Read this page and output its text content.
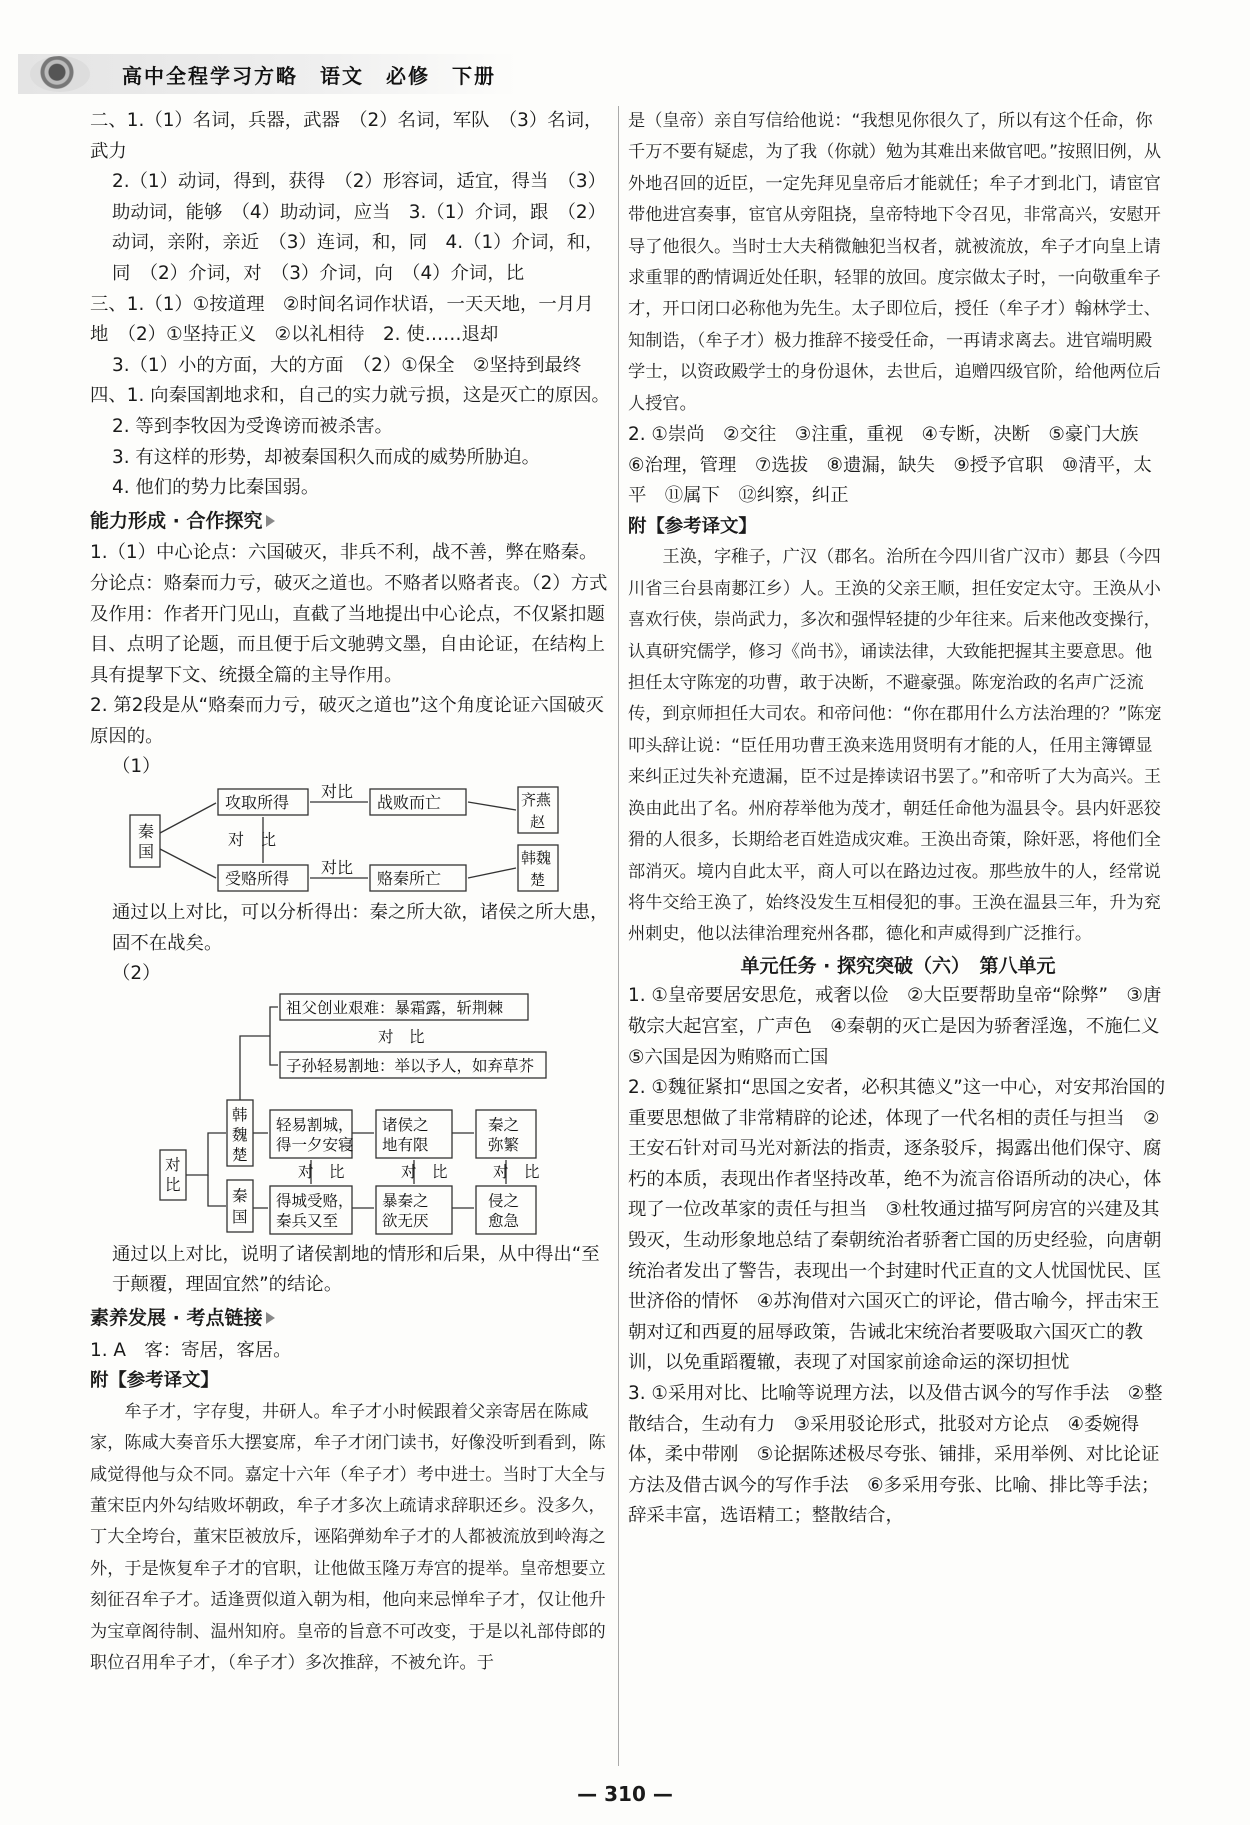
高中全程学习方略　语文　必修　下册

二、1.（1）名词，兵器，武器　（2）名词，军队　（3）名词，武力

2.（1）动词，得到，获得　（2）形容词，适宜，得当　（3）助动词，能够　（4）助动词，应当　3.（1）介词，跟　（2）动词，亲附，亲近　（3）连词，和，同　4.（1）介词，和，同　（2）介词，对　（3）介词，向　（4）介词，比

三、1.（1）①按道理　②时间名词作状语，一天天地，一月月地　（2）①坚持正义　②以礼相待　2. 使……退却

3.（1）小的方面，大的方面　（2）①保全　②坚持到最终

四、1. 向秦国割地求和，自己的实力就亏损，这是灭亡的原因。

2. 等到李牧因为受谗谤而被杀害。

3. 有这样的形势，却被秦国积久而成的威势所胁迫。

4. 他们的势力比秦国弱。

能力形成 · 合作探究

1.（1）中心论点：六国破灭，非兵不利，战不善，弊在赂秦。分论点：赂秦而力亏，破灭之道也。不赂者以赂者丧。（2）方式及作用：作者开门见山，直截了当地提出中心论点，不仅紧扣题目、点明了论题，而且便于后文驰骋文墨，自由论证，在结构上具有提挈下文、统摄全篇的主导作用。

2. 第2段是从“赂秦而力亏，破灭之道也”这个角度论证六国破灭原因的。

（1）

秦
国
攻取所得
受赂所得
战败而亡
赂秦所亡
对比
对比
对　比
齐燕
赵
韩魏
楚

通过以上对比，可以分析得出：秦之所大欲，诸侯之所大患，固不在战矣。

（2）

祖父创业艰难：暴霜露，斩荆棘
子孙轻易割地：举以予人，如弃草芥
对　比
韩
魏
楚
秦
国
对
比
轻易割城，
得一夕安寝
诸侯之
地有限
秦之
弥繁
得城受赂，
秦兵又至
暴秦之
欲无厌
侵之
愈急
对　比	对　比	对　比

通过以上对比，说明了诸侯割地的情形和后果，从中得出“至于颠覆，理固宜然”的结论。

素养发展 · 考点链接

1. A　客：寄居，客居。

附【参考译文】

牟子才，字存叟，井研人。牟子才小时候跟着父亲寄居在陈咸家，陈咸大奏音乐大摆宴席，牟子才闭门读书，好像没听到看到，陈咸觉得他与众不同。嘉定十六年（牟子才）考中进士。当时丁大全与董宋臣内外勾结败坏朝政，牟子才多次上疏请求辞职还乡。没多久，丁大全垮台，董宋臣被放斥，诬陷弹劾牟子才的人都被流放到岭海之外，于是恢复牟子才的官职，让他做玉隆万寿宫的提举。皇帝想要立刻征召牟子才。适逢贾似道入朝为相，他向来忌惮牟子才，仅让他升为宝章阁待制、温州知府。皇帝的旨意不可改变，于是以礼部侍郎的职位召用牟子才，（牟子才）多次推辞，不被允许。于

是（皇帝）亲自写信给他说：“我想见你很久了，所以有这个任命，你千万不要有疑虑，为了我（你就）勉为其难出来做官吧。”按照旧例，从外地召回的近臣，一定先拜见皇帝后才能就任；牟子才到北门，请宦官带他进宫奏事，宦官从旁阻挠，皇帝特地下令召见，非常高兴，安慰开导了他很久。当时士大夫稍微触犯当权者，就被流放，牟子才向皇上请求重罪的酌情调近处任职，轻罪的放回。度宗做太子时，一向敬重牟子才，开口闭口必称他为先生。太子即位后，授任（牟子才）翰林学士、知制诰，（牟子才）极力推辞不接受任命，一再请求离去。进官端明殿学士，以资政殿学士的身份退休，去世后，追赠四级官阶，给他两位后人授官。

2. ①崇尚　②交往　③注重，重视　④专断，决断　⑤豪门大族　⑥治理，管理　⑦选拔　⑧遗漏，缺失　⑨授予官职　⑩清平，太平　⑪属下　⑫纠察，纠正

附【参考译文】

王涣，字稚子，广汉（郡名。治所在今四川省广汉市）郪县（今四川省三台县南郪江乡）人。王涣的父亲王顺，担任安定太守。王涣从小喜欢行侠，崇尚武力，多次和强悍轻捷的少年往来。后来他改变操行，认真研究儒学，修习《尚书》，诵读法律，大致能把握其主要意思。他担任太守陈宠的功曹，敢于决断，不避豪强。陈宠治政的名声广泛流传，到京师担任大司农。和帝问他：“你在郡用什么方法治理的？”陈宠叩头辞让说：“臣任用功曹王涣来选用贤明有才能的人，任用主簿镡显来纠正过失补充遗漏，臣不过是捧读诏书罢了。”和帝听了大为高兴。王涣由此出了名。州府荐举他为茂才，朝廷任命他为温县令。县内奸恶狡猾的人很多，长期给老百姓造成灾难。王涣出奇策，除奸恶，将他们全部消灭。境内自此太平，商人可以在路边过夜。那些放牛的人，经常说将牛交给王涣了，始终没发生互相侵犯的事。王涣在温县三年，升为兖州刺史，他以法律治理兖州各郡，德化和声威得到广泛推行。

单元任务 · 探究突破（六）　第八单元

1. ①皇帝要居安思危，戒奢以俭　②大臣要帮助皇帝“除弊”　③唐敬宗大起宫室，广声色　④秦朝的灭亡是因为骄奢淫逸，不施仁义　⑤六国是因为贿赂而亡国

2. ①魏征紧扣“思国之安者，必积其德义”这一中心，对安邦治国的重要思想做了非常精辟的论述，体现了一代名相的责任与担当　②王安石针对司马光对新法的指责，逐条驳斥，揭露出他们保守、腐朽的本质，表现出作者坚持改革，绝不为流言俗语所动的决心，体现了一位改革家的责任与担当　③杜牧通过描写阿房宫的兴建及其毁灭，生动形象地总结了秦朝统治者骄奢亡国的历史经验，向唐朝统治者发出了警告，表现出一个封建时代正直的文人忧国忧民、匡世济俗的情怀　④苏洵借对六国灭亡的评论，借古喻今，抨击宋王朝对辽和西夏的屈辱政策，告诫北宋统治者要吸取六国灭亡的教训，以免重蹈覆辙，表现了对国家前途命运的深切担忧

3. ①采用对比、比喻等说理方法，以及借古讽今的写作手法　②整散结合，生动有力　③采用驳论形式，批驳对方论点　④委婉得体，柔中带刚　⑤论据陈述极尽夸张、铺排，采用举例、对比论证方法及借古讽今的写作手法　⑥多采用夸张、比喻、排比等手法；辞采丰富，选语精工；整散结合，

— 310 —
